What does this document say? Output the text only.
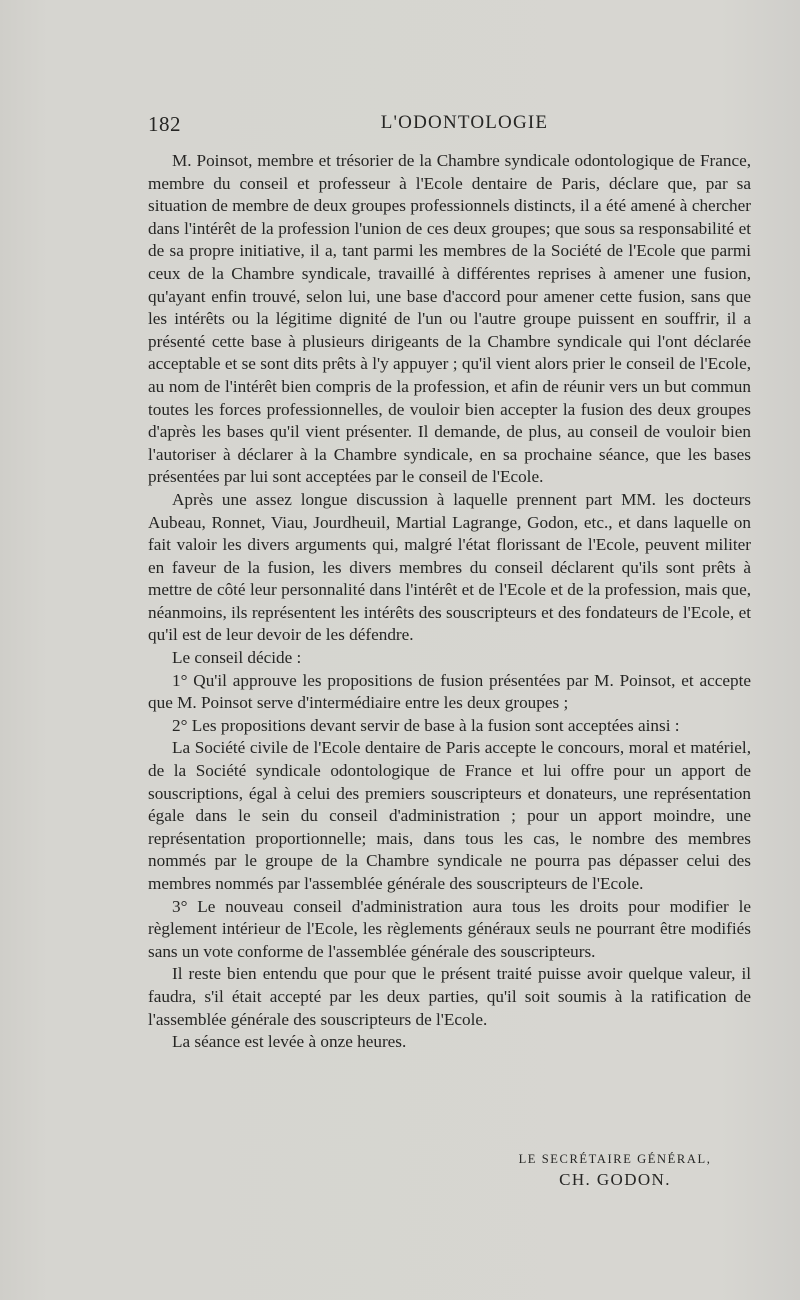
182	L'ODONTOLOGIE

M. Poinsot, membre et trésorier de la Chambre syndicale odontologique de France, membre du conseil et professeur à l'Ecole dentaire de Paris, déclare que, par sa situation de membre de deux groupes professionnels distincts, il a été amené à chercher dans l'intérêt de la profession l'union de ces deux groupes; que sous sa responsabilité et de sa propre initiative, il a, tant parmi les membres de la Société de l'Ecole que parmi ceux de la Chambre syndicale, travaillé à différentes reprises à amener une fusion, qu'ayant enfin trouvé, selon lui, une base d'accord pour amener cette fusion, sans que les intérêts ou la légitime dignité de l'un ou l'autre groupe puissent en souffrir, il a présenté cette base à plusieurs dirigeants de la Chambre syndicale qui l'ont déclarée acceptable et se sont dits prêts à l'y appuyer ; qu'il vient alors prier le conseil de l'Ecole, au nom de l'intérêt bien compris de la profession, et afin de réunir vers un but commun toutes les forces professionnelles, de vouloir bien accepter la fusion des deux groupes d'après les bases qu'il vient présenter. Il demande, de plus, au conseil de vouloir bien l'autoriser à déclarer à la Chambre syndicale, en sa prochaine séance, que les bases présentées par lui sont acceptées par le conseil de l'Ecole.

Après une assez longue discussion à laquelle prennent part MM. les docteurs Aubeau, Ronnet, Viau, Jourdheuil, Martial Lagrange, Godon, etc., et dans laquelle on fait valoir les divers arguments qui, malgré l'état florissant de l'Ecole, peuvent militer en faveur de la fusion, les divers membres du conseil déclarent qu'ils sont prêts à mettre de côté leur personnalité dans l'intérêt et de l'Ecole et de la profession, mais que, néanmoins, ils représentent les intérêts des souscripteurs et des fondateurs de l'Ecole, et qu'il est de leur devoir de les défendre.

Le conseil décide :

1° Qu'il approuve les propositions de fusion présentées par M. Poinsot, et accepte que M. Poinsot serve d'intermédiaire entre les deux groupes ;

2° Les propositions devant servir de base à la fusion sont acceptées ainsi :

La Société civile de l'Ecole dentaire de Paris accepte le concours, moral et matériel, de la Société syndicale odontologique de France et lui offre pour un apport de souscriptions, égal à celui des premiers souscripteurs et donateurs, une représentation égale dans le sein du conseil d'administration ; pour un apport moindre, une représentation proportionnelle; mais, dans tous les cas, le nombre des membres nommés par le groupe de la Chambre syndicale ne pourra pas dépasser celui des membres nommés par l'assemblée générale des souscripteurs de l'Ecole.

3° Le nouveau conseil d'administration aura tous les droits pour modifier le règlement intérieur de l'Ecole, les règlements généraux seuls ne pourrant être modifiés sans un vote conforme de l'assemblée générale des souscripteurs.

Il reste bien entendu que pour que le présent traité puisse avoir quelque valeur, il faudra, s'il était accepté par les deux parties, qu'il soit soumis à la ratification de l'assemblée générale des souscripteurs de l'Ecole.

La séance est levée à onze heures.

LE SECRÉTAIRE GÉNÉRAL,
CH. GODON.
